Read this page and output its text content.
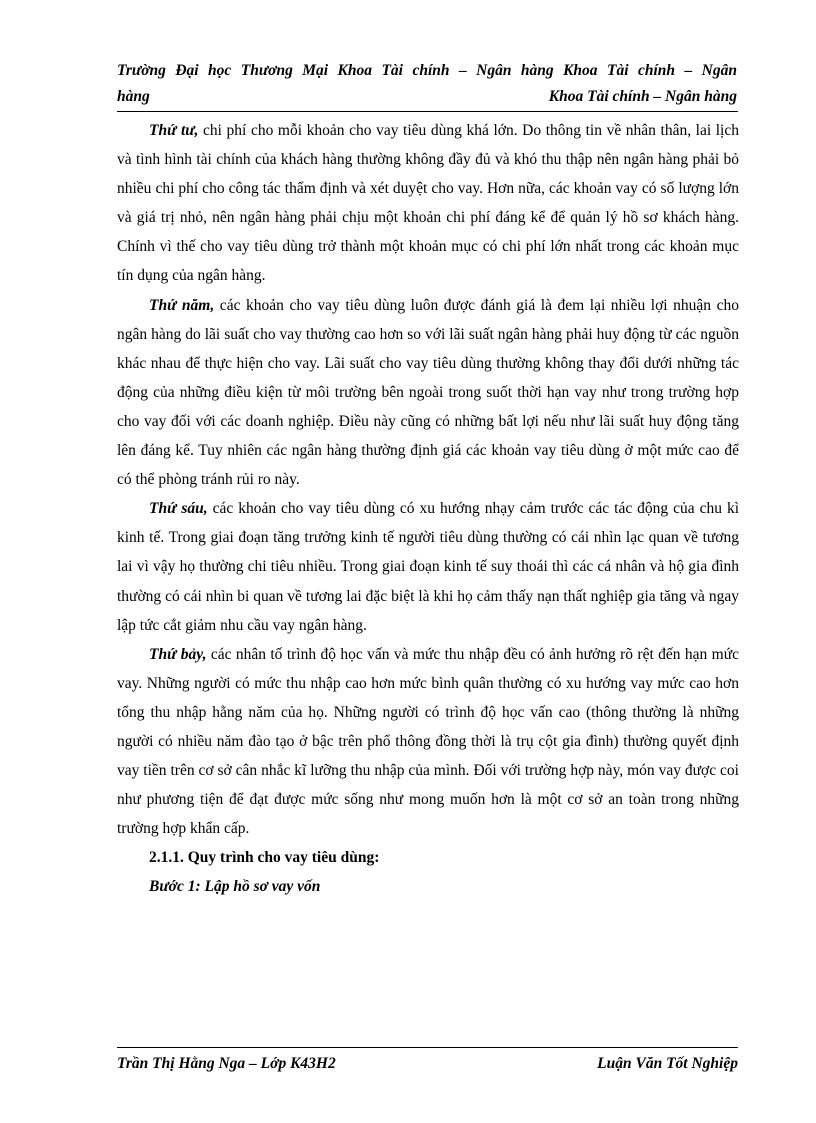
Trường Đại học Thương Mại Khoa Tài chính – Ngân hàng Khoa Tài chính – Ngân
hàng	Khoa Tài chính – Ngân hàng

Thứ tư, chi phí cho mỗi khoản cho vay tiêu dùng khá lớn. Do thông tin về nhân thân, lai lịch và tình hình tài chính của khách hàng thường không đầy đủ và khó thu thập nên ngân hàng phải bỏ nhiều chi phí cho công tác thẩm định và xét duyệt cho vay. Hơn nữa, các khoản vay có số lượng lớn và giá trị nhỏ, nên ngân hàng phải chịu một khoản chi phí đáng kể để quản lý hồ sơ khách hàng. Chính vì thế cho vay tiêu dùng trở thành một khoản mục có chi phí lớn nhất trong các khoản mục tín dụng của ngân hàng.

Thứ năm, các khoản cho vay tiêu dùng luôn được đánh giá là đem lại nhiều lợi nhuận cho ngân hàng do lãi suất cho vay thường cao hơn so với lãi suất ngân hàng phải huy động từ các nguồn khác nhau để thực hiện cho vay. Lãi suất cho vay tiêu dùng thường không thay đổi dưới những tác động của những điều kiện từ môi trường bên ngoài trong suốt thời hạn vay như trong trường hợp cho vay đối với các doanh nghiệp. Điều này cũng có những bất lợi nếu như lãi suất huy động tăng lên đáng kể. Tuy nhiên các ngân hàng thường định giá các khoản vay tiêu dùng ở một mức cao để có thể phòng tránh rủi ro này.

Thứ sáu, các khoản cho vay tiêu dùng có xu hướng nhạy cảm trước các tác động của chu kì kinh tế. Trong giai đoạn tăng trưởng kinh tế người tiêu dùng thường có cái nhìn lạc quan về tương lai vì vậy họ thường chi tiêu nhiều. Trong giai đoạn kinh tế suy thoái thì các cá nhân và hộ gia đình thường có cái nhìn bi quan về tương lai đặc biệt là khi họ cảm thấy nạn thất nghiệp gia tăng và ngay lập tức cắt giảm nhu cầu vay ngân hàng.

Thứ bảy, các nhân tố trình độ học vấn và mức thu nhập đều có ảnh hưởng rõ rệt đến hạn mức vay. Những người có mức thu nhập cao hơn mức bình quân thường có xu hướng vay mức cao hơn tổng thu nhập hằng năm của họ. Những người có trình độ học vấn cao (thông thường là những người có nhiều năm đào tạo ở bậc trên phổ thông đồng thời là trụ cột gia đình) thường quyết định vay tiền trên cơ sở cân nhắc kĩ lưỡng thu nhập của mình. Đối với trường hợp này, món vay được coi như phương tiện để đạt được mức sống như mong muốn hơn là một cơ sở an toàn trong những trường hợp khẩn cấp.

2.1.1. Quy trình cho vay tiêu dùng:

Bước 1: Lập hồ sơ vay vốn

Trần Thị Hằng Nga – Lớp K43H2	Luận Văn Tốt Nghiệp
